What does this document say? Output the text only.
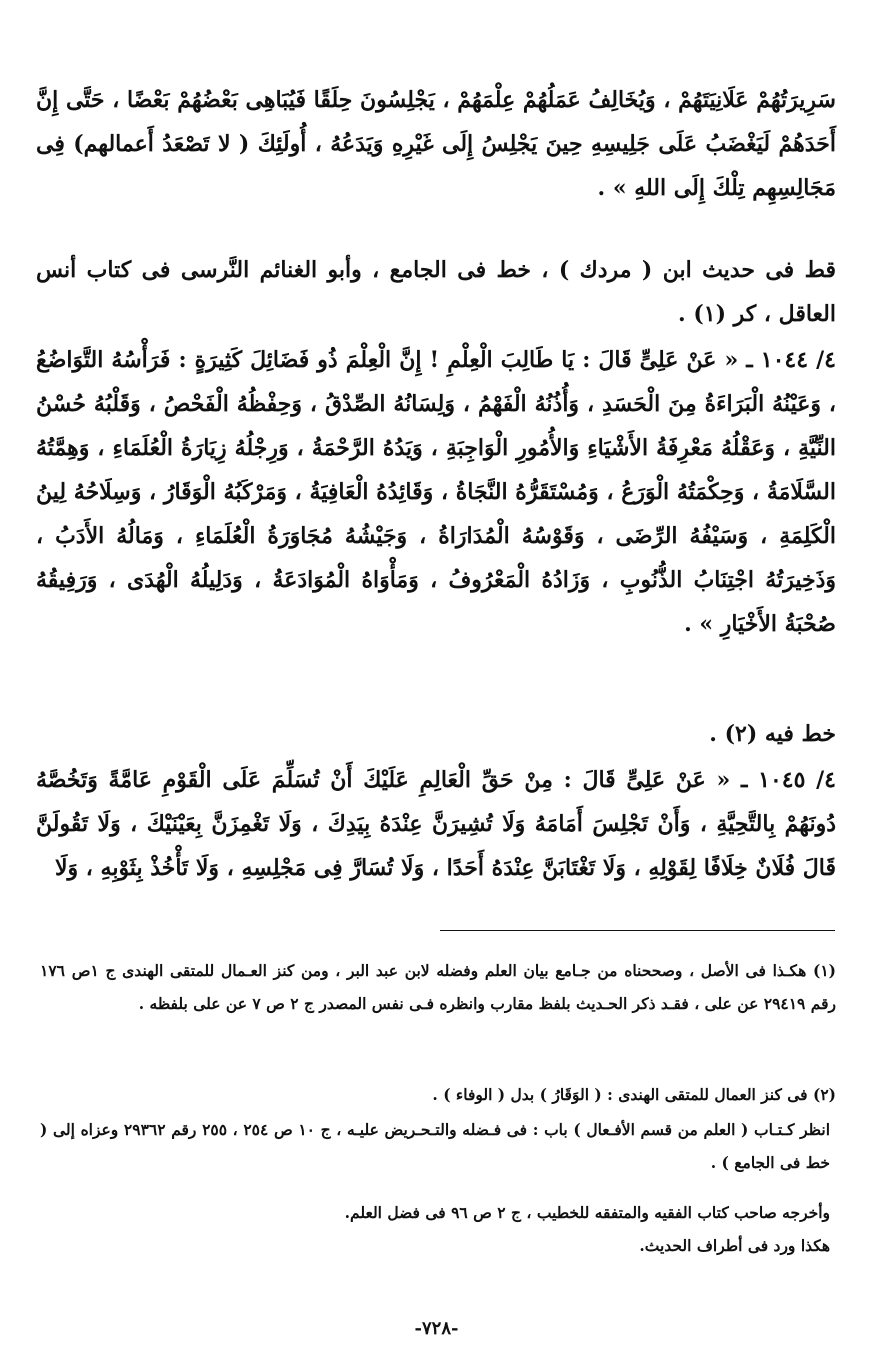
سَرِيرَتُهُمْ عَلَانِيَتَهُمْ ، وَيُخَالِفُ عَمَلُهُمْ عِلْمَهُمْ ، يَجْلِسُونَ حِلَقًا فَيُبَاهِى بَعْضُهُمْ بَعْضًا ، حَتَّى إِنَّ أَحَدَهُمْ لَيَغْضَبُ عَلَى جَلِيسِهِ حِينَ يَجْلِسُ إِلَى غَيْرِهِ وَيَدَعُهُ ، أُولَئِكَ ( لا تَصْعَدُ أَعمالهم) فِى مَجَالِسِهِم تِلْكَ إِلَى اللهِ » .

قط فى حديث ابن ( مردك ) ، خط فى الجامع ، وأبو الغنائم النَّرسى فى كتاب أنس العاقل ، كر (١) .

٤/ ١٠٤٤ ـ « عَنْ عَلِىٍّ قَالَ : يَا طَالِبَ الْعِلْمِ ! إِنَّ الْعِلْمَ ذُو فَضَائِلَ كَثِيرَةٍ : فَرَأْسُهُ التَّوَاضُعُ ، وَعَيْنُهُ الْبَرَاءَةُ مِنَ الْحَسَدِ ، وَأُذُنُهُ الْفَهْمُ ، وَلِسَانُهُ الصِّدْقُ ، وَحِفْظُهُ الْفَحْصُ ، وَقَلْبُهُ حُسْنُ النِّيَّةِ ، وَعَقْلُهُ مَعْرِفَةُ الأَشْيَاءِ وَالأُمُورِ الْوَاجِبَةِ ، وَيَدُهُ الرَّحْمَةُ ، وَرِجْلُهُ زِيَارَةُ الْعُلَمَاءِ ، وَهِمَّتُهُ السَّلَامَةُ ، وَحِكْمَتُهُ الْوَرَعُ ، وَمُسْتَقَرُّهُ النَّجَاةُ ، وَقَائِدُهُ الْعَافِيَةُ ، وَمَرْكَبُهُ الْوَقَارُ ، وَسِلَاحُهُ لِينُ الْكَلِمَةِ ، وَسَيْفُهُ الرِّضَى ، وَقَوْسُهُ الْمُدَارَاةُ ، وَجَيْشُهُ مُجَاوَرَةُ الْعُلَمَاءِ ، وَمَالُهُ الأَدَبُ ، وَذَخِيرَتُهُ اجْتِنَابُ الذُّنُوبِ ، وَزَادُهُ الْمَعْرُوفُ ، وَمَأْوَاهُ الْمُوَادَعَةُ ، وَدَلِيلُهُ الْهُدَى ، وَرَفِيقُهُ صُحْبَةُ الأَخْيَارِ » .

خط فيه (٢) .

٤/ ١٠٤٥ ـ « عَنْ عَلِىٍّ قَالَ : مِنْ حَقِّ الْعَالِمِ عَلَيْكَ أَنْ تُسَلِّمَ عَلَى الْقَوْمِ عَامَّةً وَتَخُصَّهُ دُونَهُمْ بِالتَّحِيَّةِ ، وَأَنْ تَجْلِسَ أَمَامَهُ وَلَا تُشِيرَنَّ عِنْدَهُ بِيَدِكَ ، وَلَا تَغْمِزَنَّ بِعَيْنَيْكَ ، وَلَا تَقُولَنَّ قَالَ فُلَانٌ خِلَافًا لِقَوْلِهِ ، وَلَا تَغْتَابَنَّ عِنْدَهُ أَحَدًا ، وَلَا تُسَارَّ فِى مَجْلِسِهِ ، وَلَا تَأْخُذْ بِثَوْبِهِ ، وَلَا

(١) هكـذا فى الأصل ، وصححناه من جـامع بيان العلم وفضله لابن عبد البر ، ومن كنز العـمال للمتقى الهندى ج ١ص ١٧٦ رقم ٢٩٤١٩ عن على ، فقـد ذكر الحـديث بلفظ مقارب وانظره فـى نفس المصدر ج ٢ ص ٧ عن على بلفظه .

(٢) فى كنز العمال للمتقى الهندى : ( الوَقَارُ ) بدل ( الوفاء ) .

انظر كـتـاب ( العلم من قسم الأفـعال ) باب : فى فـضله والتـحـريض عليـه ، ج ١٠ ص ٢٥٤ ، ٢٥٥ رقم ٢٩٣٦٢ وعزاه إلى ( خط فى الجامع ) .

وأخرجه صاحب كتاب الفقيه والمتفقه للخطيب ، ج ٢ ص ٩٦ فى فضل العلم.

هكذا ورد فى أطراف الحديث.

-٧٢٨-
